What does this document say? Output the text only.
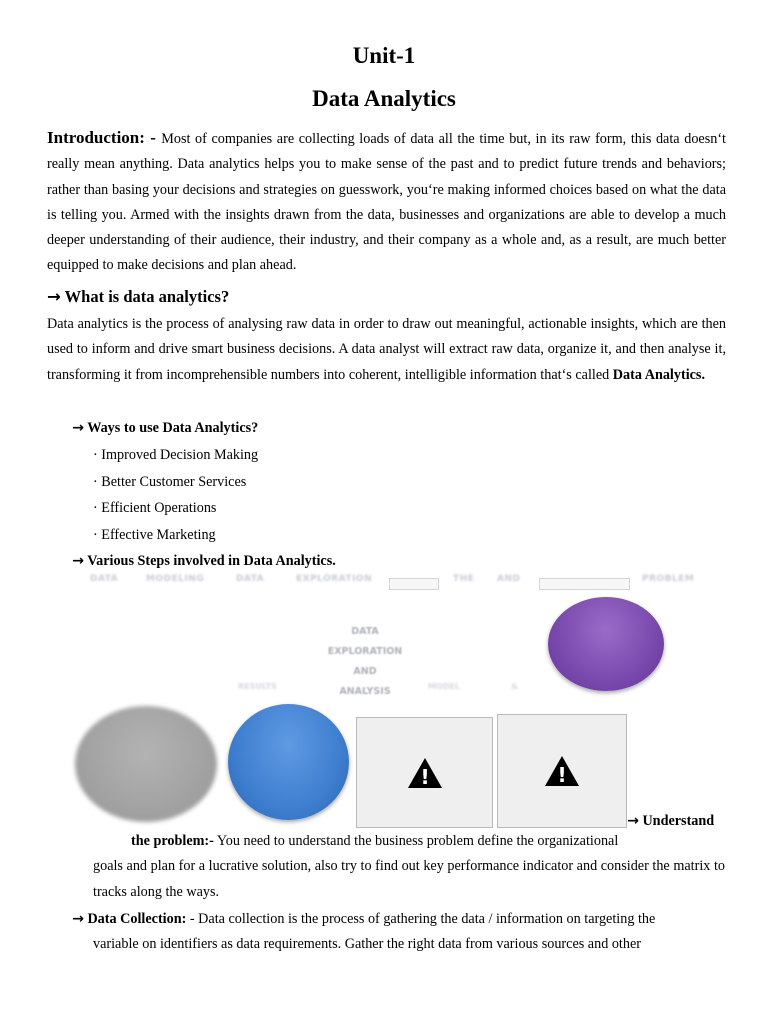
Unit-1
Data Analytics

Introduction: - Most of companies are collecting loads of data all the time but, in its raw form, this data doesn‘t really mean anything. Data analytics helps you to make sense of the past and to predict future trends and behaviors; rather than basing your decisions and strategies on guesswork, you‘re making informed choices based on what the data is telling you. Armed with the insights drawn from the data, businesses and organizations are able to develop a much deeper understanding of their audience, their industry, and their company as a whole and, as a result, are much better equipped to make decisions and plan ahead.

→ What is data analytics?

Data analytics is the process of analysing raw data in order to draw out meaningful, actionable insights, which are then used to inform and drive smart business decisions. A data analyst will extract raw data, organize it, and then analyse it, transforming it from incomprehensible numbers into coherent, intelligible information that‘s called Data Analytics.

→ Ways to use Data Analytics?
· Improved Decision Making
· Better Customer Services
· Efficient Operations
· Effective Marketing
→ Various Steps involved in Data Analytics.
DATA	MODELING	DATA	EXPLORATION	THE	AND	PROBLEM
DATA
EXPLORATION
AND
ANALYSIS
RESULTS	MODEL	&
!	!

→ Understand

the problem:- You need to understand the business problem define the organizational
goals and plan for a lucrative solution, also try to find out key performance indicator and consider the matrix to tracks along the ways.

→ Data Collection: - Data collection is the process of gathering the data / information on targeting the
variable on identifiers as data requirements. Gather the right data from various sources and other
